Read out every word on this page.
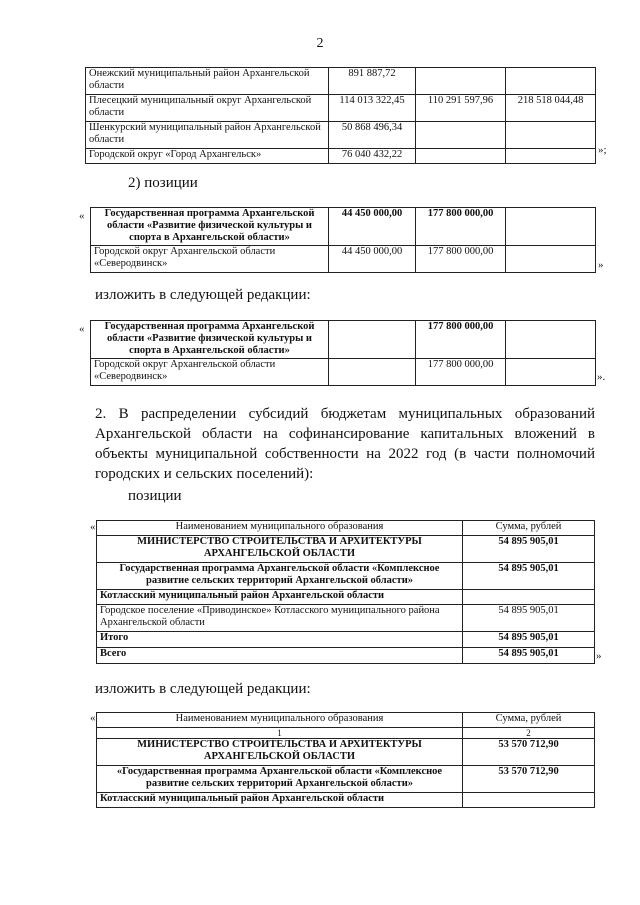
2
Онежский муниципальный район Архангельской области	891 887,72		
Плесецкий муниципальный округ Архангельской области	114 013 322,45	110 291 597,96	218 518 044,48
Шенкурский муниципальный район Архангельской области	50 868 496,34		
Городской округ «Город Архангельск»	76 040 432,22			»;
2) позиции
« Государственная программа Архангельской области «Развитие физической культуры и спорта в Архангельской области»	44 450 000,00	177 800 000,00	
Городской округ Архангельской области «Северодвинск»	44 450 000,00	177 800 000,00	
»
изложить в следующей редакции:
« Государственная программа Архангельской области «Развитие физической культуры и спорта в Архангельской области»		177 800 000,00	
Городской округ Архангельской области «Северодвинск»		177 800 000,00	
».
2. В распределении субсидий бюджетам муниципальных образований Архангельской области на софинансирование капитальных вложений в объекты муниципальной собственности на 2022 год (в части полномочий городских и сельских поселений):
позиции
«	Наименованием муниципального образования	Сумма, рублей
МИНИСТЕРСТВО СТРОИТЕЛЬСТВА И АРХИТЕКТУРЫ АРХАНГЕЛЬСКОЙ ОБЛАСТИ	54 895 905,01
Государственная программа Архангельской области «Комплексное развитие сельских территорий Архангельской области»	54 895 905,01
Котласский муниципальный район Архангельской области	
Городское поселение «Приводинское» Котласского муниципального района Архангельской области	54 895 905,01
Итого	54 895 905,01
Всего	54 895 905,01	»
изложить в следующей редакции:
«	Наименованием муниципального образования	Сумма, рублей
1	2
МИНИСТЕРСТВО СТРОИТЕЛЬСТВА И АРХИТЕКТУРЫ АРХАНГЕЛЬСКОЙ ОБЛАСТИ	53 570 712,90
«Государственная программа Архангельской области «Комплексное развитие сельских территорий Архангельской области»	53 570 712,90
Котласский муниципальный район Архангельской области	
